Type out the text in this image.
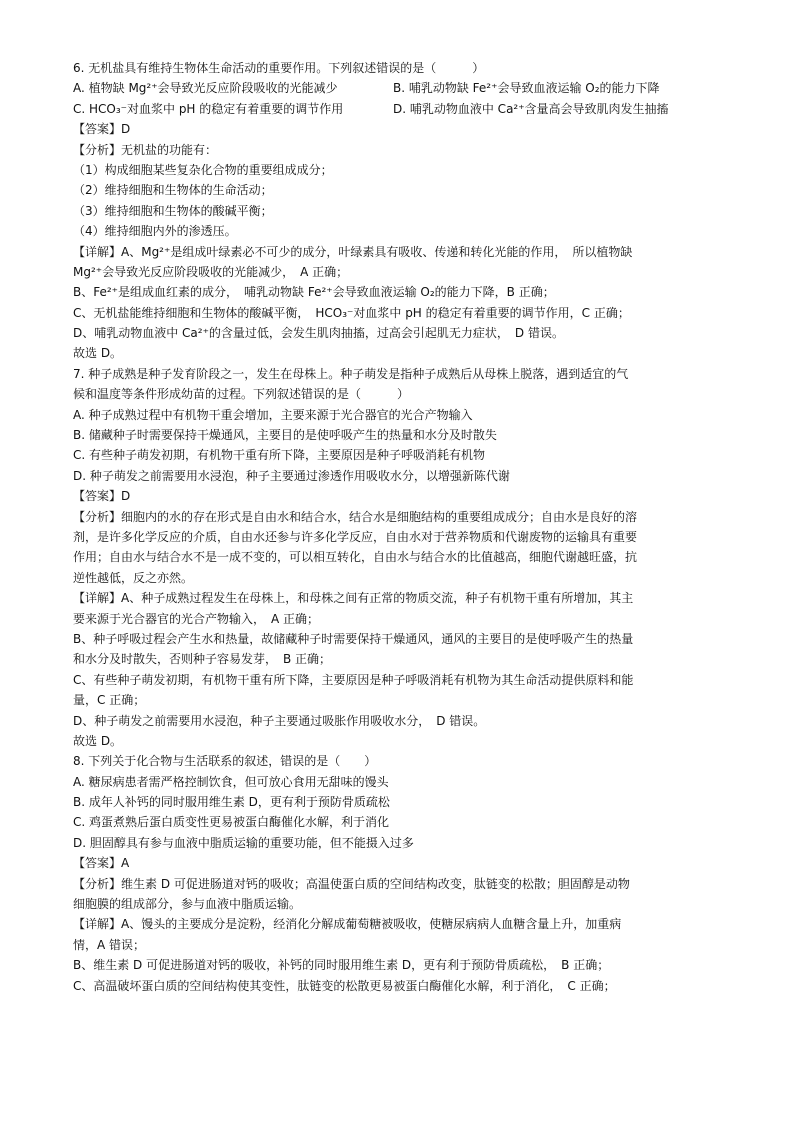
6. 无机盐具有维持生物体生命活动的重要作用。下列叙述错误的是（　　　）
A. 植物缺 Mg²⁺会导致光反应阶段吸收的光能减少	B. 哺乳动物缺 Fe²⁺会导致血液运输 O₂的能力下降
C. HCO₃⁻对血浆中 pH 的稳定有着重要的调节作用	D. 哺乳动物血液中 Ca²⁺含量高会导致肌肉发生抽搐
【答案】D
【分析】无机盐的功能有：
（1）构成细胞某些复杂化合物的重要组成成分；
（2）维持细胞和生物体的生命活动；
（3）维持细胞和生物体的酸碱平衡；
（4）维持细胞内外的渗透压。
【详解】A、Mg²⁺是组成叶绿素必不可少的成分，叶绿素具有吸收、传递和转化光能的作用，　所以植物缺
Mg²⁺会导致光反应阶段吸收的光能减少，　A 正确；
B、Fe²⁺是组成血红素的成分，　哺乳动物缺 Fe²⁺会导致血液运输 O₂的能力下降，B 正确；
C、无机盐能维持细胞和生物体的酸碱平衡，　HCO₃⁻对血浆中 pH 的稳定有着重要的调节作用，C 正确；
D、哺乳动物血液中 Ca²⁺的含量过低，会发生肌肉抽搐，过高会引起肌无力症状，　D 错误。
故选 D。
7. 种子成熟是种子发育阶段之一，发生在母株上。种子萌发是指种子成熟后从母株上脱落，遇到适宜的气
候和温度等条件形成幼苗的过程。下列叙述错误的是（　　　）
A. 种子成熟过程中有机物干重会增加，主要来源于光合器官的光合产物输入
B. 储藏种子时需要保持干燥通风，主要目的是使呼吸产生的热量和水分及时散失
C. 有些种子萌发初期，有机物干重有所下降，主要原因是种子呼吸消耗有机物
D. 种子萌发之前需要用水浸泡，种子主要通过渗透作用吸收水分，以增强新陈代谢
【答案】D
【分析】细胞内的水的存在形式是自由水和结合水，结合水是细胞结构的重要组成成分；自由水是良好的溶
剂，是许多化学反应的介质，自由水还参与许多化学反应，自由水对于营养物质和代谢废物的运输具有重要
作用；自由水与结合水不是一成不变的，可以相互转化，自由水与结合水的比值越高，细胞代谢越旺盛，抗
逆性越低，反之亦然。
【详解】A、种子成熟过程发生在母株上，和母株之间有正常的物质交流，种子有机物干重有所增加，其主
要来源于光合器官的光合产物输入，　A 正确；
B、种子呼吸过程会产生水和热量，故储藏种子时需要保持干燥通风，通风的主要目的是使呼吸产生的热量
和水分及时散失，否则种子容易发芽，　B 正确；
C、有些种子萌发初期，有机物干重有所下降，主要原因是种子呼吸消耗有机物为其生命活动提供原料和能
量，C 正确；
D、种子萌发之前需要用水浸泡，种子主要通过吸胀作用吸收水分，　D 错误。
故选 D。
8. 下列关于化合物与生活联系的叙述，错误的是（　　）
A. 糖尿病患者需严格控制饮食，但可放心食用无甜味的馒头
B. 成年人补钙的同时服用维生素 D，更有利于预防骨质疏松
C. 鸡蛋煮熟后蛋白质变性更易被蛋白酶催化水解，利于消化
D. 胆固醇具有参与血液中脂质运输的重要功能，但不能摄入过多
【答案】A
【分析】维生素 D 可促进肠道对钙的吸收；高温使蛋白质的空间结构改变，肽链变的松散；胆固醇是动物
细胞膜的组成部分，参与血液中脂质运输。
【详解】A、馒头的主要成分是淀粉，经消化分解成葡萄糖被吸收，使糖尿病病人血糖含量上升，加重病
情，A 错误；
B、维生素 D 可促进肠道对钙的吸收，补钙的同时服用维生素 D，更有利于预防骨质疏松，　B 正确；
C、高温破坏蛋白质的空间结构使其变性，肽链变的松散更易被蛋白酶催化水解，利于消化，　C 正确；
